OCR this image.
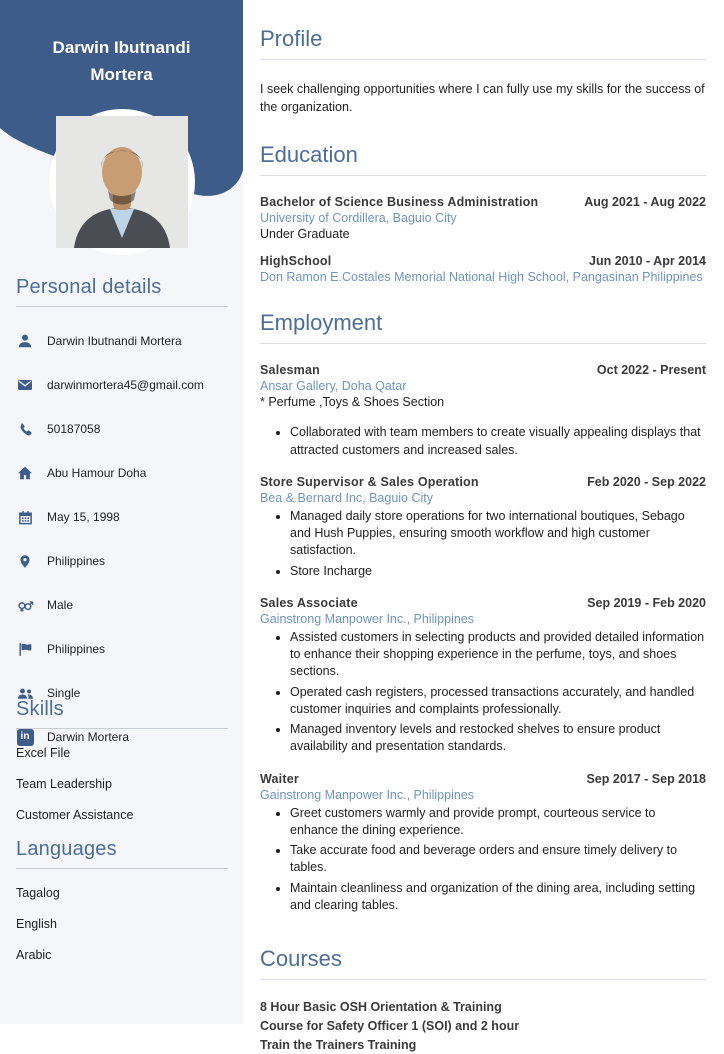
Darwin Ibutnandi Mortera
Personal details
Darwin Ibutnandi Mortera
darwinmortera45@gmail.com
50187058
Abu Hamour Doha
May 15, 1998
Philippines
Male
Philippines
Single
in	Darwin Mortera
Skills
Excel File
Team Leadership
Customer Assistance
Languages
Tagalog
English
Arabic
Profile

I seek challenging opportunities where I can fully use my skills for the success of the organization.

Education
Bachelor of Science Business Administration	Aug 2021 - Aug 2022
University of Cordillera, Baguio City
Under Graduate
HighSchool	Jun 2010 - Apr 2014
Don Ramon E.Costales Memorial National High School, Pangasinan Philippines
Employment
Salesman	Oct 2022 - Present
Ansar Gallery, Doha Qatar
* Perfume ,Toys & Shoes Section
• Collaborated with team members to create visually appealing displays that attracted customers and increased sales.
Store Supervisor & Sales Operation	Feb 2020 - Sep 2022
Bea & Bernard Inc, Baguio City
• Managed daily store operations for two international boutiques, Sebago and Hush Puppies, ensuring smooth workflow and high customer satisfaction.
• Store Incharge
Sales Associate	Sep 2019 - Feb 2020
Gainstrong Manpower Inc., Philippines
• Assisted customers in selecting products and provided detailed information to enhance their shopping experience in the perfume, toys, and shoes sections.
• Operated cash registers, processed transactions accurately, and handled customer inquiries and complaints professionally.
• Managed inventory levels and restocked shelves to ensure product availability and presentation standards.
Waiter	Sep 2017 - Sep 2018
Gainstrong Manpower Inc., Philippines
• Greet customers warmly and provide prompt, courteous service to enhance the dining experience.
• Take accurate food and beverage orders and ensure timely delivery to tables.
• Maintain cleanliness and organization of the dining area, including setting and clearing tables.
Courses
8 Hour Basic OSH Orientation & Training
Course for Safety Officer 1 (SOI) and 2 hour
Train the Trainers Training
